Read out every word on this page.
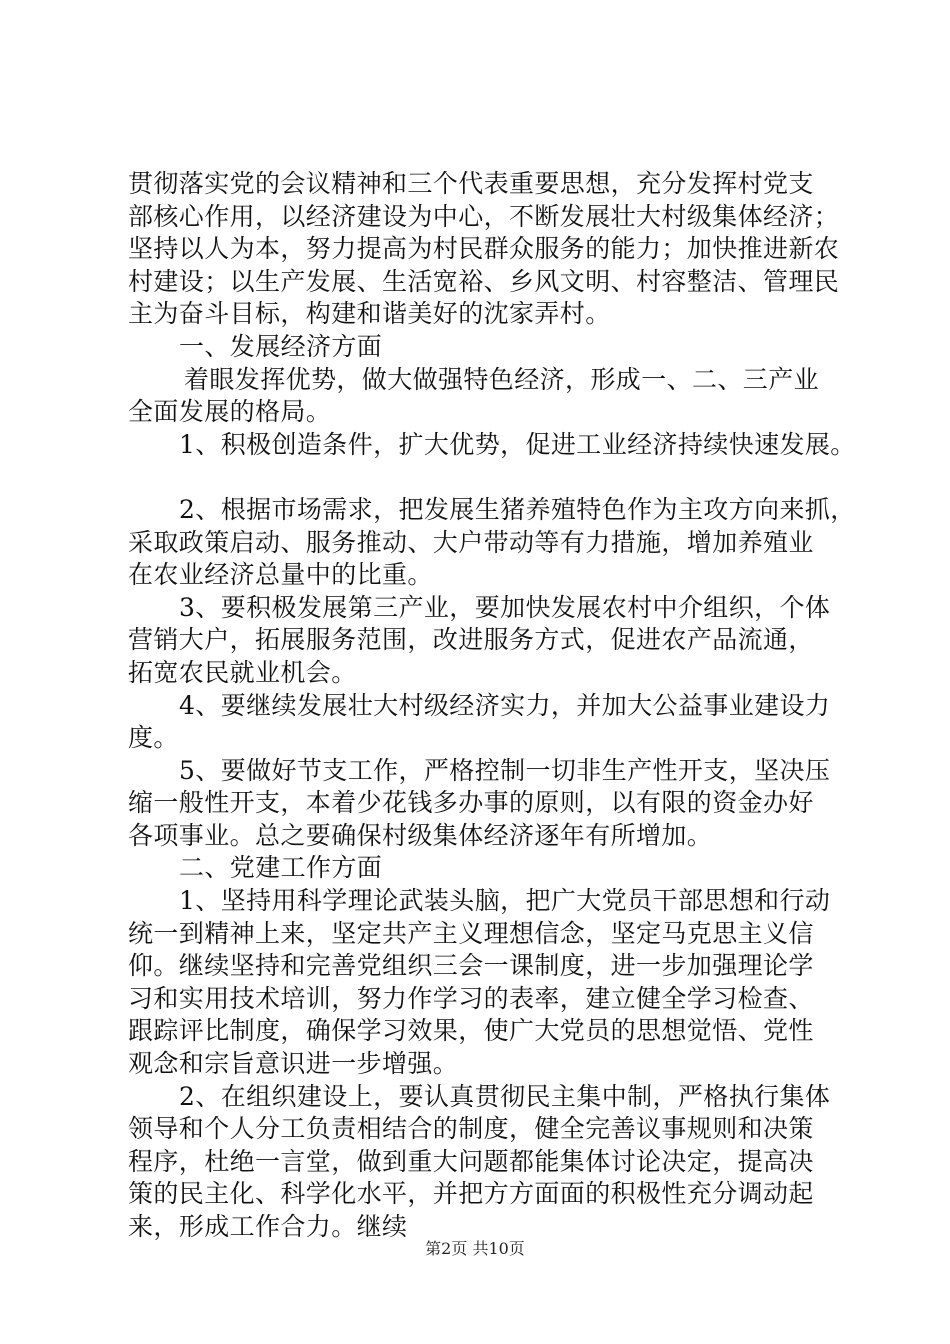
贯彻落实党的会议精神和三个代表重要思想，充分发挥村党支

部核心作用，以经济建设为中心，不断发展壮大村级集体经济；

坚持以人为本，努力提高为村民群众服务的能力；加快推进新农

村建设；以生产发展、生活宽裕、乡风文明、村容整洁、管理民

主为奋斗目标，构建和谐美好的沈家弄村。

一、发展经济方面

着眼发挥优势，做大做强特色经济，形成一、二、三产业

全面发展的格局。

1、积极创造条件，扩大优势，促进工业经济持续快速发展。

2、根据市场需求，把发展生猪养殖特色作为主攻方向来抓，

采取政策启动、服务推动、大户带动等有力措施，增加养殖业

在农业经济总量中的比重。

3、要积极发展第三产业，要加快发展农村中介组织，个体

营销大户，拓展服务范围，改进服务方式，促进农产品流通，

拓宽农民就业机会。

4、要继续发展壮大村级经济实力，并加大公益事业建设力

度。

5、要做好节支工作，严格控制一切非生产性开支，坚决压

缩一般性开支，本着少花钱多办事的原则，以有限的资金办好

各项事业。总之要确保村级集体经济逐年有所增加。

二、党建工作方面

1、坚持用科学理论武装头脑，把广大党员干部思想和行动

统一到精神上来，坚定共产主义理想信念，坚定马克思主义信

仰。继续坚持和完善党组织三会一课制度，进一步加强理论学

习和实用技术培训，努力作学习的表率，建立健全学习检查、

跟踪评比制度，确保学习效果，使广大党员的思想觉悟、党性

观念和宗旨意识进一步增强。

2、在组织建设上，要认真贯彻民主集中制，严格执行集体

领导和个人分工负责相结合的制度，健全完善议事规则和决策

程序，杜绝一言堂，做到重大问题都能集体讨论决定，提高决

策的民主化、科学化水平，并把方方面面的积极性充分调动起

来，形成工作合力。继续

第2页 共10页
